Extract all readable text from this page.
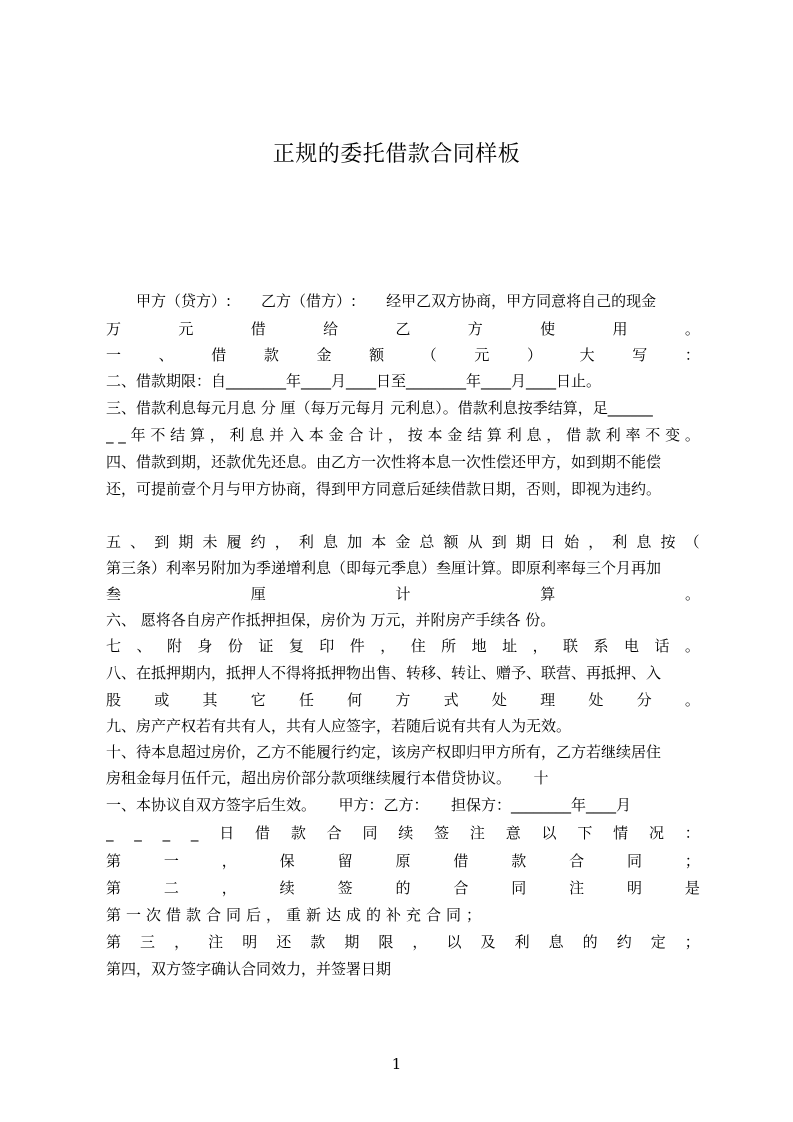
正规的委托借款合同样板
甲方（贷方）:　　乙方（借方）:　　经甲乙双方协商，甲方同意将自己的现金
万	元	借	给	乙	方	使	用	。
一	、	借	款	金	额	（	元	）	大	写	：
二、借款期限：自________年____月____日至________年____月____日止。
三、借款利息每元月息 分 厘（每万元每月 元利息）。借款利息按季结算，足______
_ _ 年 不 结 算 ， 利 息 并 入 本 金 合 计 ， 按 本 金 结 算 利 息 ， 借 款 利 率 不 变 。
四、借款到期，还款优先还息。由乙方一次性将本息一次性偿还甲方，如到期不能偿
还，可提前壹个月与甲方协商，得到甲方同意后延续借款日期，否则，即视为违约。
五 、 到 期 未 履 约 ， 利 息 加 本 金 总 额 从 到 期 日 始 ， 利 息 按 （
第三条）利率另附加为季递增利息（即每元季息）叁厘计算。即原利率每三个月再加
叁	厘	计	算	。
六、 愿将各自房产作抵押担保，房价为 万元，并附房产手续各 份。
七 、 附 身 份 证 复 印 件 ， 住 所 地 址 ， 联 系 电 话 。
八、在抵押期内，抵押人不得将抵押物出售、转移、转让、赠予、联营、再抵押、入
股 或 其 它 任 何 方 式 处 理 处 分 。
九、房产产权若有共有人，共有人应签字，若随后说有共有人为无效。
十、待本息超过房价，乙方不能履行约定，该房产权即归甲方所有，乙方若继续居住
房租金每月伍仟元，超出房价部分款项继续履行本借贷协议。　　十
一、本协议自双方签字后生效。　　甲方：乙方：　　担保方：________年____月
_ _ _ _ 日 借 款 合 同 续 签 注 意 以 下 情 况 ：
第	一	，	保	留	原	借	款	合	同	；
第	二	，	续	签	的	合	同	注	明	是
第一次借款合同后，重新达成的补充合同；
第 三 ， 注 明 还 款 期 限 ， 以 及 利 息 的 约 定 ；
第四，双方签字确认合同效力，并签署日期
1
